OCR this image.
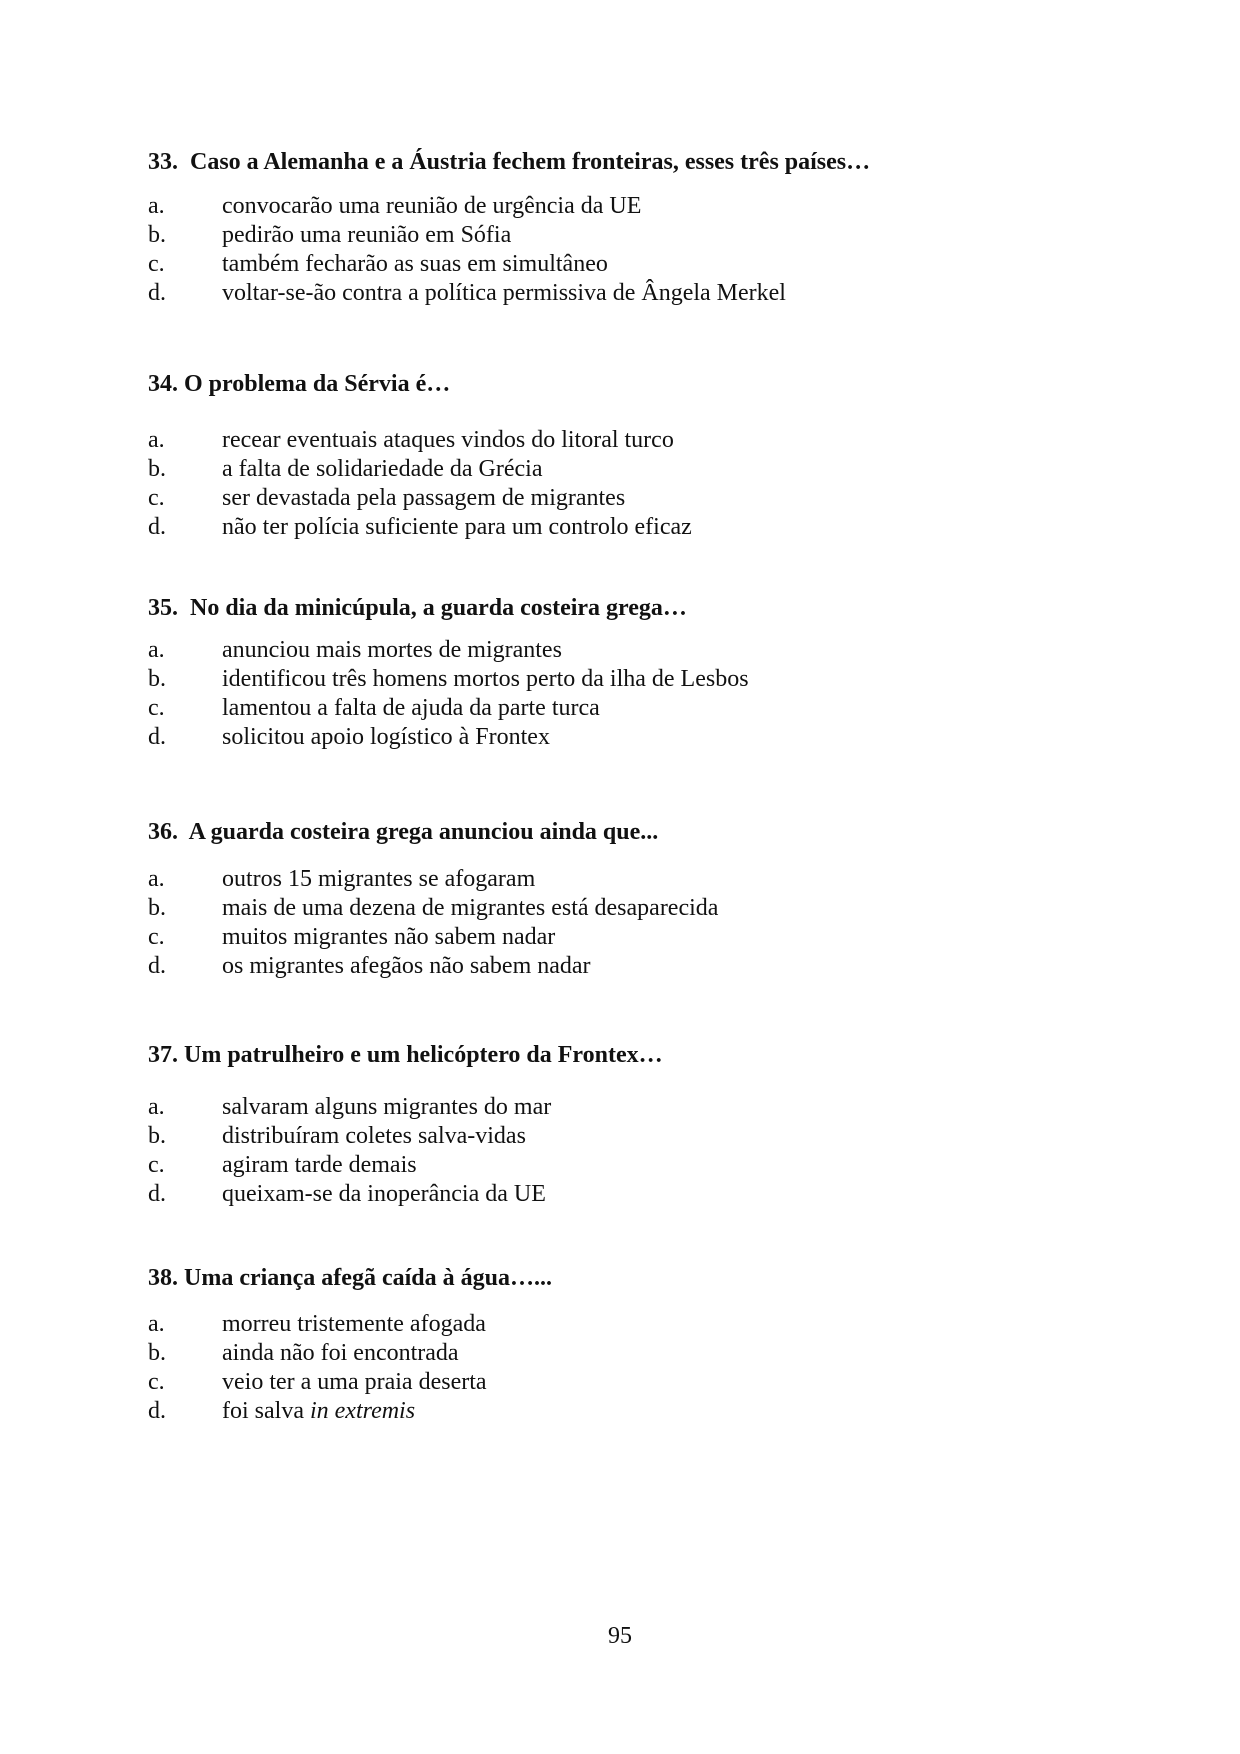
33.  Caso a Alemanha e a Áustria fechem fronteiras, esses três países…

a. convocarão uma reunião de urgência da UE
b. pedirão uma reunião em Sófia
c. também fecharão as suas em simultâneo
d. voltar-se-ão contra a política permissiva de Ângela Merkel

34. O problema da Sérvia é…

a. recear eventuais ataques vindos do litoral turco
b. a falta de solidariedade da Grécia
c. ser devastada pela passagem de migrantes
d. não ter polícia suficiente para um controlo eficaz

35.  No dia da minicúpula, a guarda costeira grega…

a. anunciou mais mortes de migrantes
b. identificou três homens mortos perto da ilha de Lesbos
c. lamentou a falta de ajuda da parte turca
d. solicitou apoio logístico à Frontex

36.  A guarda costeira grega anunciou ainda que...

a. outros 15 migrantes se afogaram
b. mais de uma dezena de migrantes está desaparecida
c. muitos migrantes não sabem nadar
d. os migrantes afegãos não sabem nadar

37. Um patrulheiro e um helicóptero da Frontex…

a. salvaram alguns migrantes do mar
b. distribuíram coletes salva-vidas
c. agiram tarde demais
d. queixam-se da inoperância da UE

38. Uma criança afegã caída à água…...

a. morreu tristemente afogada
b. ainda não foi encontrada
c. veio ter a uma praia deserta
d. foi salva in extremis
95
